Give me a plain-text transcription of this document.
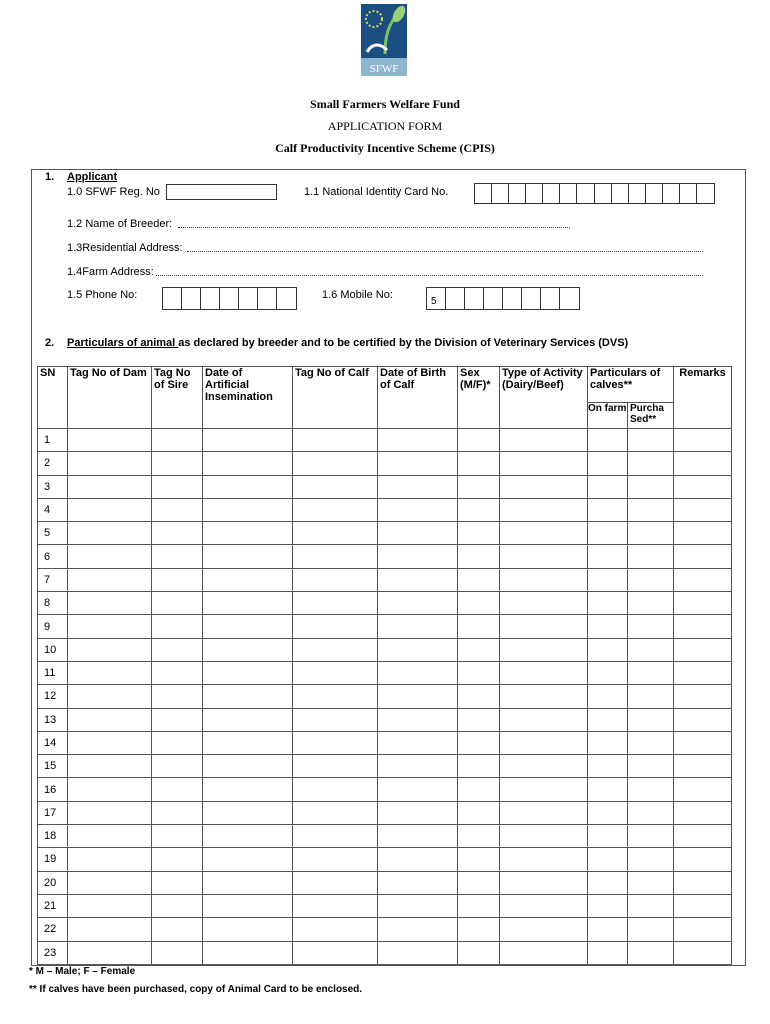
SFWF
Small Farmers Welfare Fund
APPLICATION FORM
Calf Productivity Incentive Scheme (CPIS)
1. Applicant
1.0 SFWF Reg. No	1.1 National Identity Card No.
1.2 Name of Breeder:
1.3Residential Address:
1.4Farm Address:
1.5 Phone No:	1.6 Mobile No:
5
2. Particulars of animal as declared by breeder and to be certified by the Division of Veterinary Services (DVS)
SN	Tag No of Dam	Tag No of Sire	Date of Artificial Insemination	Tag No of Calf	Date of Birth of Calf	Sex (M/F)*	Type of Activity (Dairy/Beef)	Particulars of calves**		Remarks
								On farm	Purcha Sed**	
1										
2										
3										
4										
5										
6										
7										
8										
9										
10										
11										
12										
13										
14										
15										
16										
17										
18										
19										
20										
21										
22										
23										
* M – Male; F – Female
** If calves have been purchased, copy of Animal Card to be enclosed.
